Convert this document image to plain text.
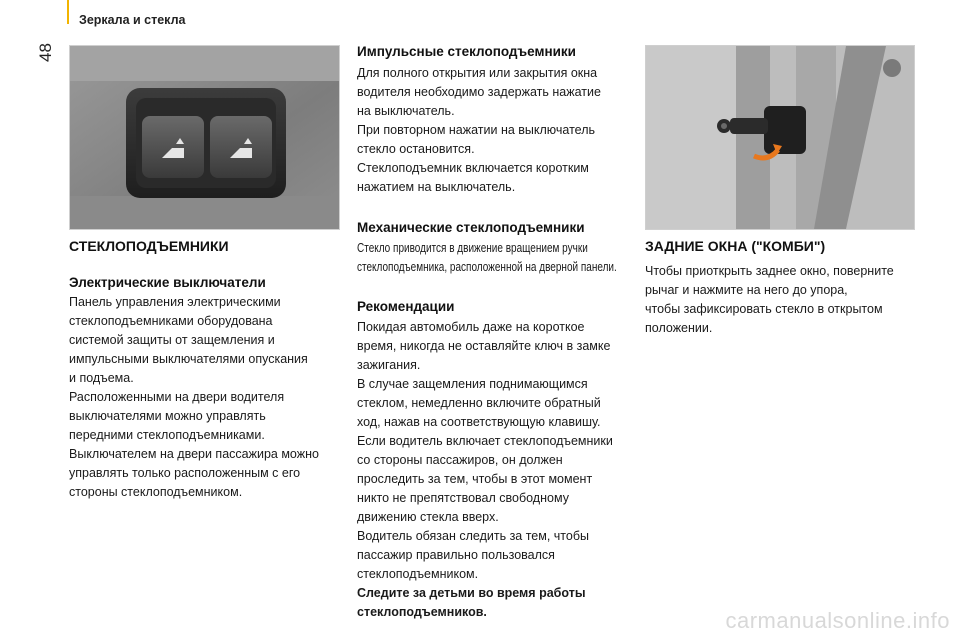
Зеркала и стекла
48
СТЕКЛОПОДЪЕМНИКИ
Электрические выключатели

Панель управления электрическими

стеклоподъемниками оборудована

системой защиты от защемления и

импульсными выключателями опускания

и подъема.

Расположенными на двери водителя

выключателями можно управлять

передними стеклоподъемниками.

Выключателем на двери пассажира можно

управлять только расположенным с его

стороны стеклоподъемником.

Импульсные стеклоподъемники

Для полного открытия или закрытия окна

водителя необходимо задержать нажатие

на выключатель.

При повторном нажатии на выключатель

стекло остановится.

Стеклоподъемник включается коротким

нажатием на выключатель.

Механические стеклоподъемники

Стекло приводится в движение вращением ручки

стеклоподъемника, расположенной на дверной панели.

Рекомендации

Покидая автомобиль даже на короткое

время, никогда не оставляйте ключ в замке

зажигания.

В случае защемления поднимающимся

стеклом, немедленно включите обратный

ход, нажав на соответствующую клавишу.

Если водитель включает стеклоподъемники

со стороны пассажиров, он должен

проследить за тем, чтобы в этот момент

никто не препятствовал свободному

движению стекла вверх.

Водитель обязан следить за тем, чтобы

пассажир правильно пользовался

стеклоподъемником.

Следите за детьми во время работы

стеклоподъемников.

ЗАДНИЕ ОКНА ("КОМБИ")

Чтобы приоткрыть заднее окно, поверните

рычаг и нажмите на него до упора,

чтобы зафиксировать стекло в открытом

положении.

carmanualsonline.info
